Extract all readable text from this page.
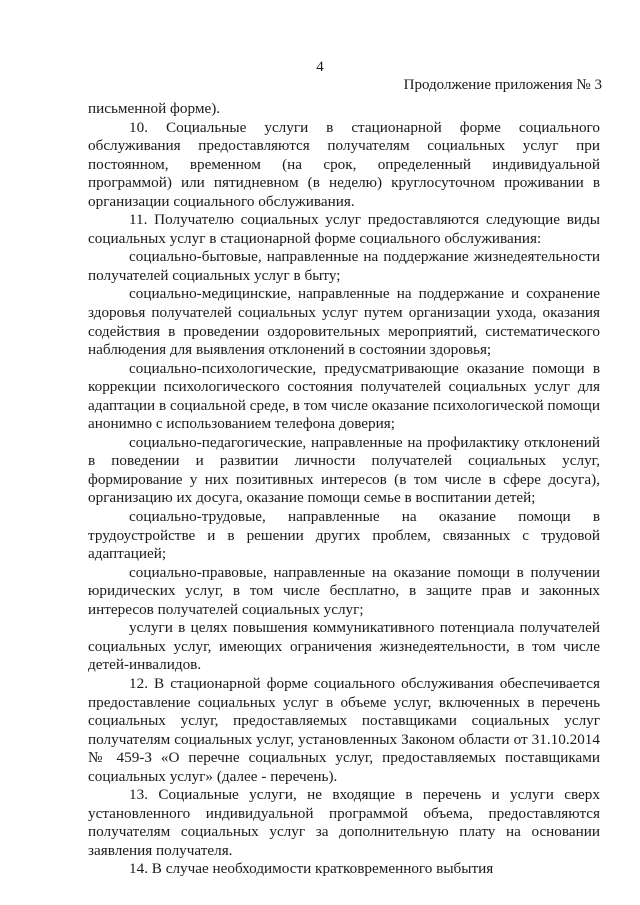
4
Продолжение приложения № 3

письменной форме).

10. Социальные услуги в стационарной форме социального обслуживания предоставляются получателям социальных услуг при постоянном, временном (на срок, определенный индивидуальной программой) или пятидневном (в неделю) круглосуточном проживании в организации социального обслуживания.

11. Получателю социальных услуг предоставляются следующие виды социальных услуг в стационарной форме социального обслуживания:

социально-бытовые, направленные на поддержание жизнедеятельности получателей социальных услуг в быту;

социально-медицинские, направленные на поддержание и сохранение здоровья получателей социальных услуг путем организации ухода, оказания содействия в проведении оздоровительных мероприятий, систематического наблюдения для выявления отклонений в состоянии здоровья;

социально-психологические, предусматривающие оказание помощи в коррекции психологического состояния получателей социальных услуг для адаптации в социальной среде, в том числе оказание психологической помощи анонимно с использованием телефона доверия;

социально-педагогические, направленные на профилактику отклонений в поведении и развитии личности получателей социальных услуг, формирование у них позитивных интересов (в том числе в сфере досуга), организацию их досуга, оказание помощи семье в воспитании детей;

социально-трудовые, направленные на оказание помощи в трудоустройстве и в решении других проблем, связанных с трудовой адаптацией;

социально-правовые, направленные на оказание помощи в получении юридических услуг, в том числе бесплатно, в защите прав и законных интересов получателей социальных услуг;

услуги в целях повышения коммуникативного потенциала получателей социальных услуг, имеющих ограничения жизнедеятельности, в том числе детей-инвалидов.

12. В стационарной форме социального обслуживания обеспечивается предоставление социальных услуг в объеме услуг, включенных в перечень социальных услуг, предоставляемых поставщиками социальных услуг получателям социальных услуг, установленных Законом области от 31.10.2014 № 459-З «О перечне социальных услуг, предоставляемых поставщиками социальных услуг» (далее - перечень).

13. Социальные услуги, не входящие в перечень и услуги сверх установленного индивидуальной программой объема, предоставляются получателям социальных услуг за дополнительную плату на основании заявления получателя.

14. В случае необходимости кратковременного выбытия
